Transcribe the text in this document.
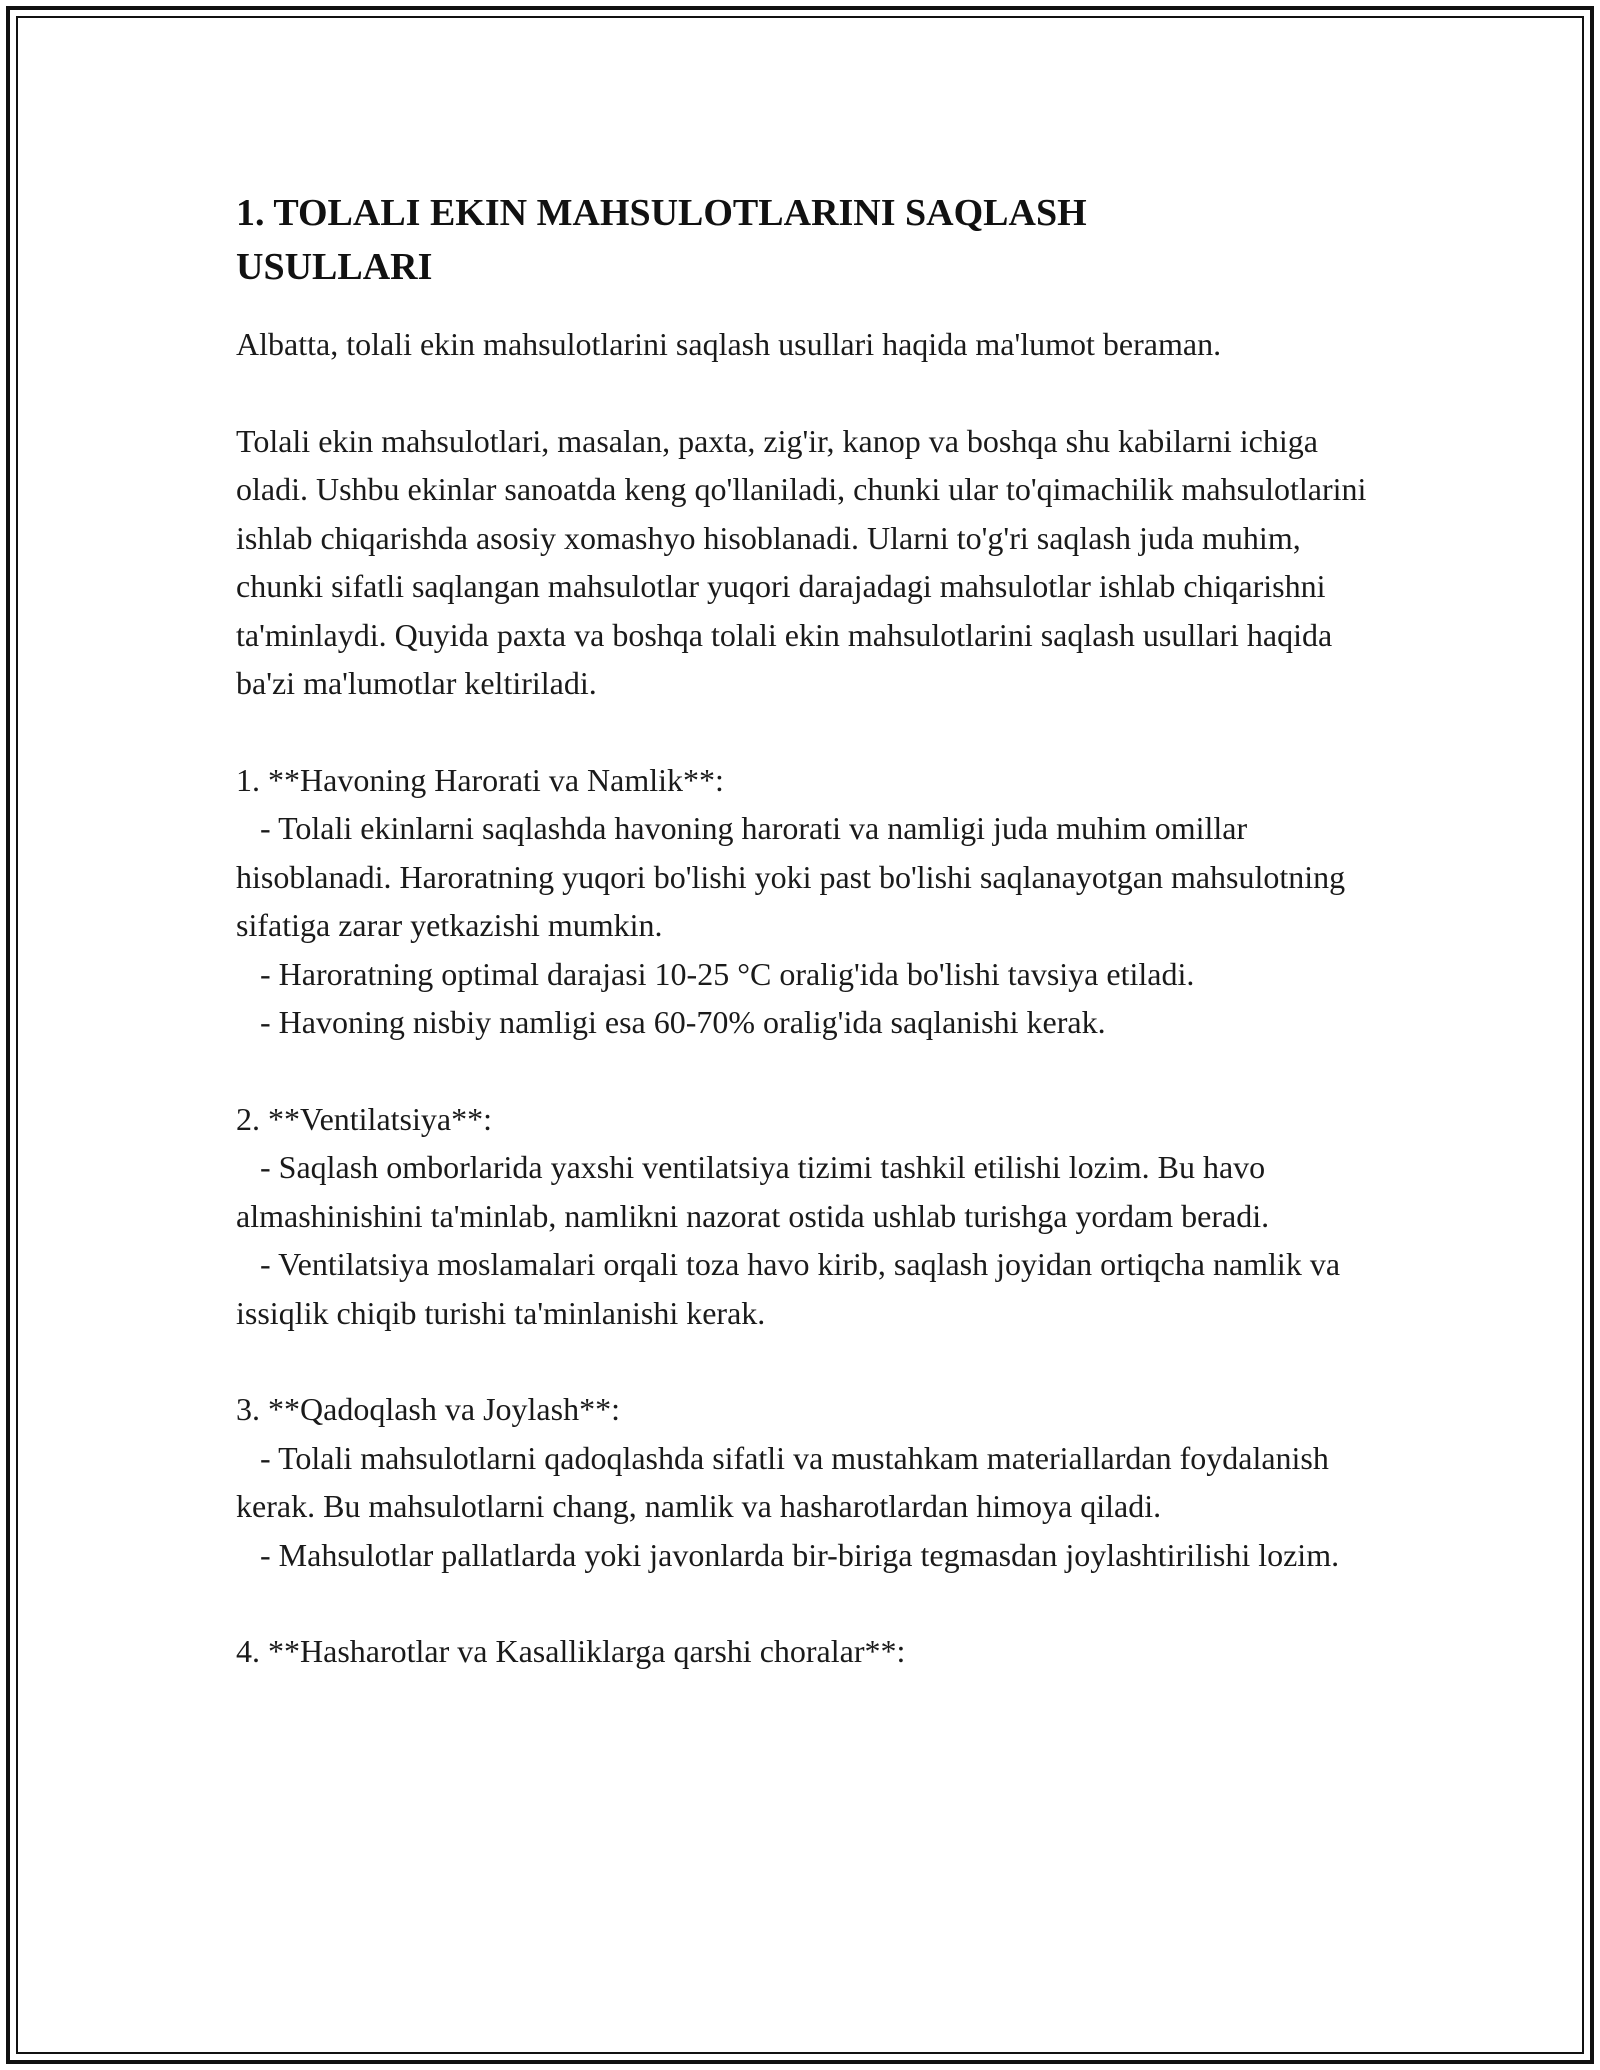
1. TOLALI EKIN MAHSULOTLARINI SAQLASH USULLARI

Albatta, tolali ekin mahsulotlarini saqlash usullari haqida ma'lumot beraman.

Tolali ekin mahsulotlari, masalan, paxta, zig'ir, kanop va boshqa shu kabilarni ichiga oladi. Ushbu ekinlar sanoatda keng qo'llaniladi, chunki ular to'qimachilik mahsulotlarini ishlab chiqarishda asosiy xomashyo hisoblanadi. Ularni to'g'ri saqlash juda muhim, chunki sifatli saqlangan mahsulotlar yuqori darajadagi mahsulotlar ishlab chiqarishni ta'minlaydi. Quyida paxta va boshqa tolali ekin mahsulotlarini saqlash usullari haqida ba'zi ma'lumotlar keltiriladi.

1. **Havoning Harorati va Namlik**:

- Tolali ekinlarni saqlashda havoning harorati va namligi juda muhim omillar hisoblanadi. Haroratning yuqori bo'lishi yoki past bo'lishi saqlanayotgan mahsulotning sifatiga zarar yetkazishi mumkin.

- Haroratning optimal darajasi 10-25 °C oralig'ida bo'lishi tavsiya etiladi.

- Havoning nisbiy namligi esa 60-70% oralig'ida saqlanishi kerak.

2. **Ventilatsiya**:

- Saqlash omborlarida yaxshi ventilatsiya tizimi tashkil etilishi lozim. Bu havo almashinishini ta'minlab, namlikni nazorat ostida ushlab turishga yordam beradi.

- Ventilatsiya moslamalari orqali toza havo kirib, saqlash joyidan ortiqcha namlik va issiqlik chiqib turishi ta'minlanishi kerak.

3. **Qadoqlash va Joylash**:

- Tolali mahsulotlarni qadoqlashda sifatli va mustahkam materiallardan foydalanish kerak. Bu mahsulotlarni chang, namlik va hasharotlardan himoya qiladi.

- Mahsulotlar pallatlarda yoki javonlarda bir-biriga tegmasdan joylashtirilishi lozim.

4. **Hasharotlar va Kasalliklarga qarshi choralar**:
